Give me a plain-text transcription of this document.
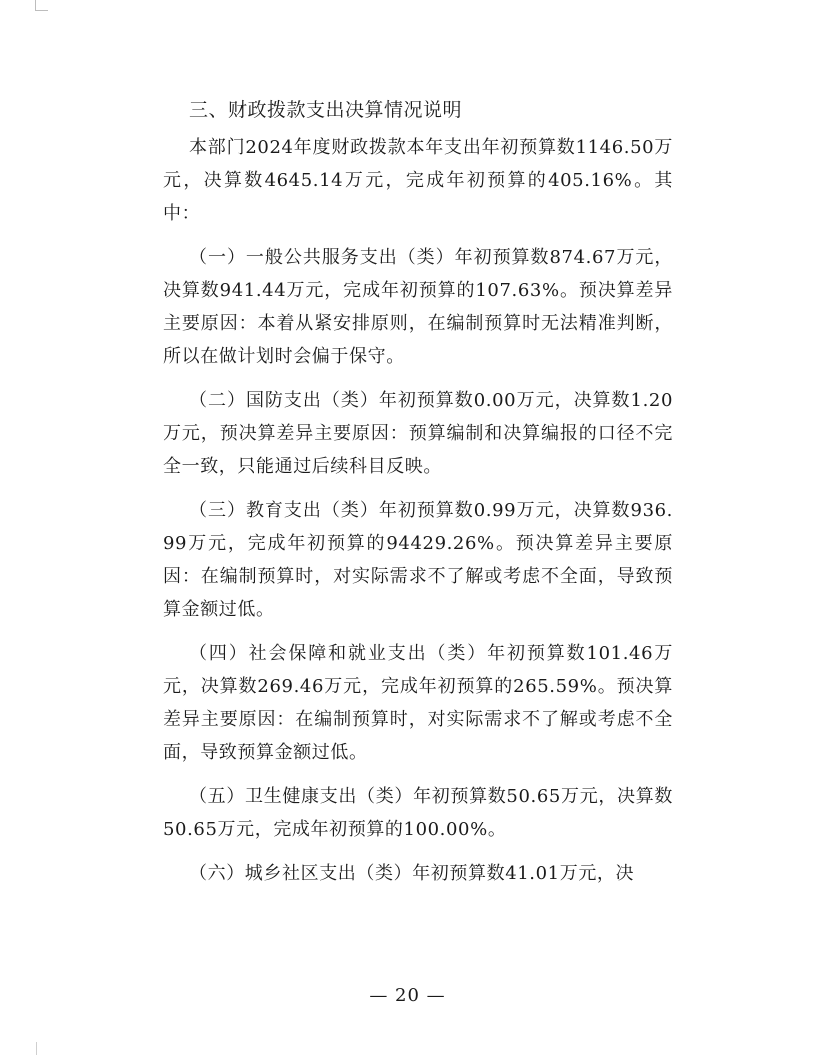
三、财政拨款支出决算情况说明

本部门2024年度财政拨款本年支出年初预算数1146.50万元，决算数4645.14万元，完成年初预算的405.16%。其中：

（一）一般公共服务支出（类）年初预算数874.67万元，决算数941.44万元，完成年初预算的107.63%。预决算差异主要原因：本着从紧安排原则，在编制预算时无法精准判断，所以在做计划时会偏于保守。

（二）国防支出（类）年初预算数0.00万元，决算数1.20万元，预决算差异主要原因：预算编制和决算编报的口径不完全一致，只能通过后续科目反映。

（三）教育支出（类）年初预算数0.99万元，决算数936.99万元，完成年初预算的94429.26%。预决算差异主要原因：在编制预算时，对实际需求不了解或考虑不全面，导致预算金额过低。

（四）社会保障和就业支出（类）年初预算数101.46万元，决算数269.46万元，完成年初预算的265.59%。预决算差异主要原因：在编制预算时，对实际需求不了解或考虑不全面，导致预算金额过低。

（五）卫生健康支出（类）年初预算数50.65万元，决算数50.65万元，完成年初预算的100.00%。

（六）城乡社区支出（类）年初预算数41.01万元，决

— 20 —
